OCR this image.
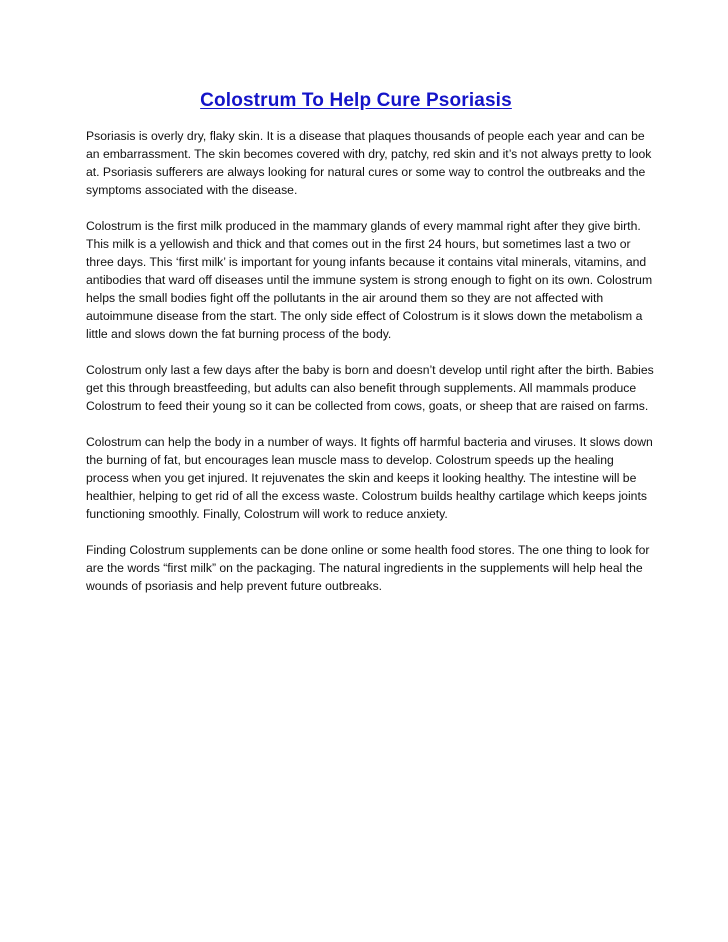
Colostrum To Help Cure Psoriasis

Psoriasis is overly dry, flaky skin. It is a disease that plaques thousands of people each year and can be an embarrassment. The skin becomes covered with dry, patchy, red skin and it’s not always pretty to look at. Psoriasis sufferers are always looking for natural cures or some way to control the outbreaks and the symptoms associated with the disease.

Colostrum is the first milk produced in the mammary glands of every mammal right after they give birth. This milk is a yellowish and thick and that comes out in the first 24 hours, but sometimes last a two or three days. This ‘first milk’ is important for young infants because it contains vital minerals, vitamins, and antibodies that ward off diseases until the immune system is strong enough to fight on its own. Colostrum helps the small bodies fight off the pollutants in the air around them so they are not affected with autoimmune disease from the start. The only side effect of Colostrum is it slows down the metabolism a little and slows down the fat burning process of the body.

Colostrum only last a few days after the baby is born and doesn’t develop until right after the birth. Babies get this through breastfeeding, but adults can also benefit through supplements. All mammals produce Colostrum to feed their young so it can be collected from cows, goats, or sheep that are raised on farms.

Colostrum can help the body in a number of ways. It fights off harmful bacteria and viruses. It slows down the burning of fat, but encourages lean muscle mass to develop. Colostrum speeds up the healing process when you get injured. It rejuvenates the skin and keeps it looking healthy. The intestine will be healthier, helping to get rid of all the excess waste. Colostrum builds healthy cartilage which keeps joints functioning smoothly. Finally, Colostrum will work to reduce anxiety.

Finding Colostrum supplements can be done online or some health food stores. The one thing to look for are the words “first milk” on the packaging. The natural ingredients in the supplements will help heal the wounds of psoriasis and help prevent future outbreaks.
